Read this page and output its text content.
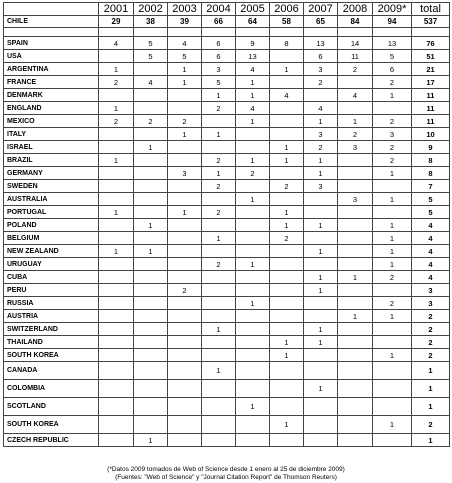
	2001	2002	2003	2004	2005	2006	2007	2008	2009*	total
CHILE	29	38	39	66	64	58	65	84	94	537

SPAIN	4	5	4	6	9	8	13	14	13	76
USA		5	5	6	13		6	11	5	51
ARGENTINA	1		1	3	4	1	3	2	6	21
FRANCE	2	4	1	5	1		2		2	17
DENMARK				1	1	4		4	1	11
ENGLAND	1			2	4		4			11
MEXICO	2	2	2		1		1	1	2	11
ITALY			1	1			3	2	3	10
ISRAEL		1				1	2	3	2	9
BRAZIL	1			2	1	1	1		2	8
GERMANY			3	1	2		1		1	8
SWEDEN				2		2	3			7
AUSTRALIA					1			3	1	5
PORTUGAL	1		1	2		1				5
POLAND		1				1	1		1	4
BELGIUM				1		2			1	4
NEW ZEALAND	1	1					1		1	4
URUGUAY				2	1				1	4
CUBA							1	1	2	4
PERU			2				1			3
RUSSIA					1				2	3
AUSTRIA								1	1	2
SWITZERLAND				1			1			2
THAILAND						1	1			2
SOUTH KOREA						1			1	2
CANADA				1						1
COLOMBIA							1			1
SCOTLAND					1					1
SOUTH KOREA						1			1	2
CZECH REPUBLIC		1								1
(*Datos 2009 tomados de Web of Science desde 1 enero al 25 de diciembre 2009)
(Fuentes: "Web of Science" y "Journal Citation Report" de Thomson Reuters)
